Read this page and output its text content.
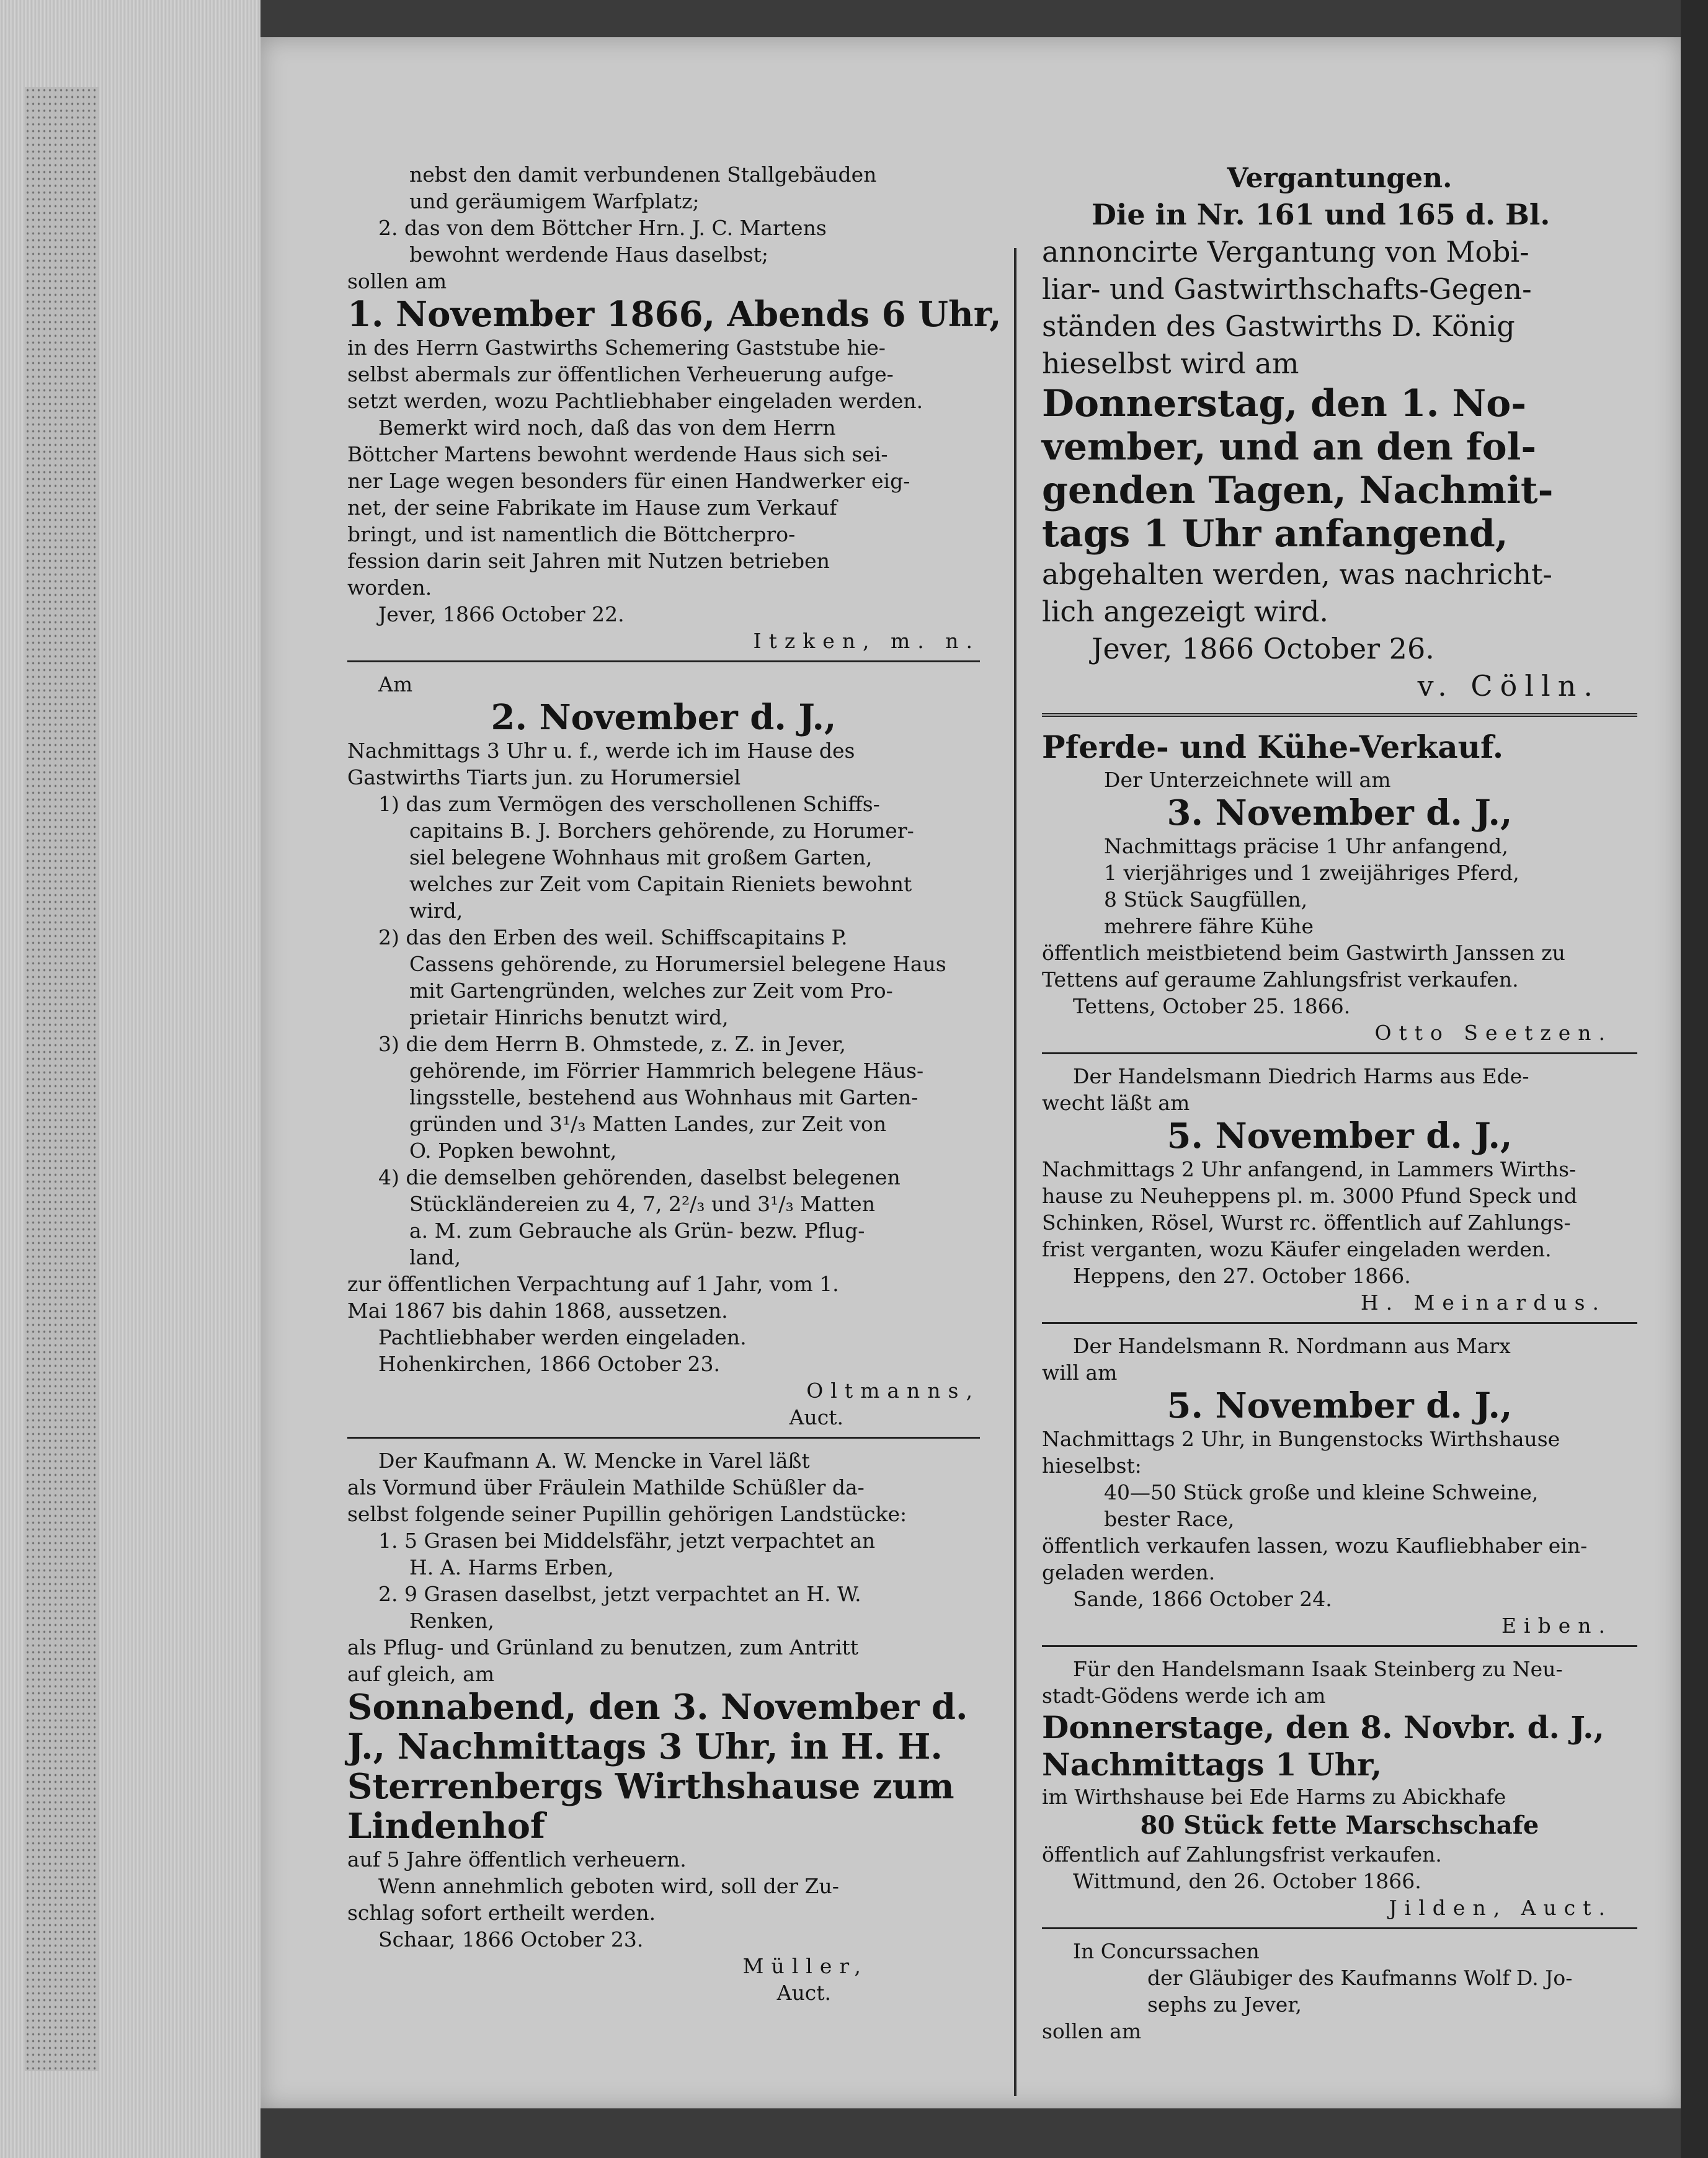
nebst den damit verbundenen Stallgebäuden
und geräumigem Warfplatz;
2. das von dem Böttcher Hrn. J. C. Martens
bewohnt werdende Haus daselbst;
sollen am
1. November 1866, Abends 6 Uhr,
in des Herrn Gastwirths Schemering Gaststube hie-
selbst abermals zur öffentlichen Verheuerung aufge-
setzt werden, wozu Pachtliebhaber eingeladen werden.
Bemerkt wird noch, daß das von dem Herrn
Böttcher Martens bewohnt werdende Haus sich sei-
ner Lage wegen besonders für einen Handwerker eig-
net, der seine Fabrikate im Hause zum Verkauf
bringt, und ist namentlich die Böttcherpro-
fession darin seit Jahren mit Nutzen betrieben
worden.
Jever, 1866 October 22.
Itzken, m. n.
Am
2. November d. J.,
Nachmittags 3 Uhr u. f., werde ich im Hause des
Gastwirths Tiarts jun. zu Horumersiel
1) das zum Vermögen des verschollenen Schiffs-
capitains B. J. Borchers gehörende, zu Horumer-
siel belegene Wohnhaus mit großem Garten,
welches zur Zeit vom Capitain Rieniets bewohnt
wird,
2) das den Erben des weil. Schiffscapitains P.
Cassens gehörende, zu Horumersiel belegene Haus
mit Gartengründen, welches zur Zeit vom Pro-
prietair Hinrichs benutzt wird,
3) die dem Herrn B. Ohmstede, z. Z. in Jever,
gehörende, im Förrier Hammrich belegene Häus-
lingsstelle, bestehend aus Wohnhaus mit Garten-
gründen und 3¹/₃ Matten Landes, zur Zeit von
O. Popken bewohnt,
4) die demselben gehörenden, daselbst belegenen
Stückländereien zu 4, 7, 2²/₃ und 3¹/₃ Matten
a. M. zum Gebrauche als Grün- bezw. Pflug-
land,
zur öffentlichen Verpachtung auf 1 Jahr, vom 1.
Mai 1867 bis dahin 1868, aussetzen.
Pachtliebhaber werden eingeladen.
Hohenkirchen, 1866 October 23.
Oltmanns,
Auct.
Der Kaufmann A. W. Mencke in Varel läßt
als Vormund über Fräulein Mathilde Schüßler da-
selbst folgende seiner Pupillin gehörigen Landstücke:
1. 5 Grasen bei Middelsfähr, jetzt verpachtet an
H. A. Harms Erben,
2. 9 Grasen daselbst, jetzt verpachtet an H. W.
Renken,
als Pflug- und Grünland zu benutzen, zum Antritt
auf gleich, am
Sonnabend, den 3. November d.
J., Nachmittags 3 Uhr, in H. H.
Sterrenbergs Wirthshause zum
Lindenhof
auf 5 Jahre öffentlich verheuern.
Wenn annehmlich geboten wird, soll der Zu-
schlag sofort ertheilt werden.
Schaar, 1866 October 23.
Müller,
Auct.
Vergantungen.
Die in Nr. 161 und 165 d. Bl.
annoncirte Vergantung von Mobi-
liar- und Gastwirthschafts-Gegen-
ständen des Gastwirths D. König
hieselbst wird am
Donnerstag, den 1. No-
vember, und an den fol-
genden Tagen, Nachmit-
tags 1 Uhr anfangend,
abgehalten werden, was nachricht-
lich angezeigt wird.
Jever, 1866 October 26.
v. Cölln.
Pferde- und Kühe-Verkauf.
Der Unterzeichnete will am
3. November d. J.,
Nachmittags präcise 1 Uhr anfangend,
1 vierjähriges und 1 zweijähriges Pferd,
8 Stück Saugfüllen,
mehrere fähre Kühe
öffentlich meistbietend beim Gastwirth Janssen zu
Tettens auf geraume Zahlungsfrist verkaufen.
Tettens, October 25. 1866.
Otto Seetzen.
Der Handelsmann Diedrich Harms aus Ede-
wecht läßt am
5. November d. J.,
Nachmittags 2 Uhr anfangend, in Lammers Wirths-
hause zu Neuheppens pl. m. 3000 Pfund Speck und
Schinken, Rösel, Wurst rc. öffentlich auf Zahlungs-
frist verganten, wozu Käufer eingeladen werden.
Heppens, den 27. October 1866.
H. Meinardus.
Der Handelsmann R. Nordmann aus Marx
will am
5. November d. J.,
Nachmittags 2 Uhr, in Bungenstocks Wirthshause
hieselbst:
40—50 Stück große und kleine Schweine,
bester Race,
öffentlich verkaufen lassen, wozu Kaufliebhaber ein-
geladen werden.
Sande, 1866 October 24.
Eiben.
Für den Handelsmann Isaak Steinberg zu Neu-
stadt-Gödens werde ich am
Donnerstage, den 8. Novbr. d. J.,
Nachmittags 1 Uhr,
im Wirthshause bei Ede Harms zu Abickhafe
80 Stück fette Marschschafe
öffentlich auf Zahlungsfrist verkaufen.
Wittmund, den 26. October 1866.
Jilden, Auct.
In Concurssachen
der Gläubiger des Kaufmanns Wolf D. Jo-
sephs zu Jever,
sollen am
